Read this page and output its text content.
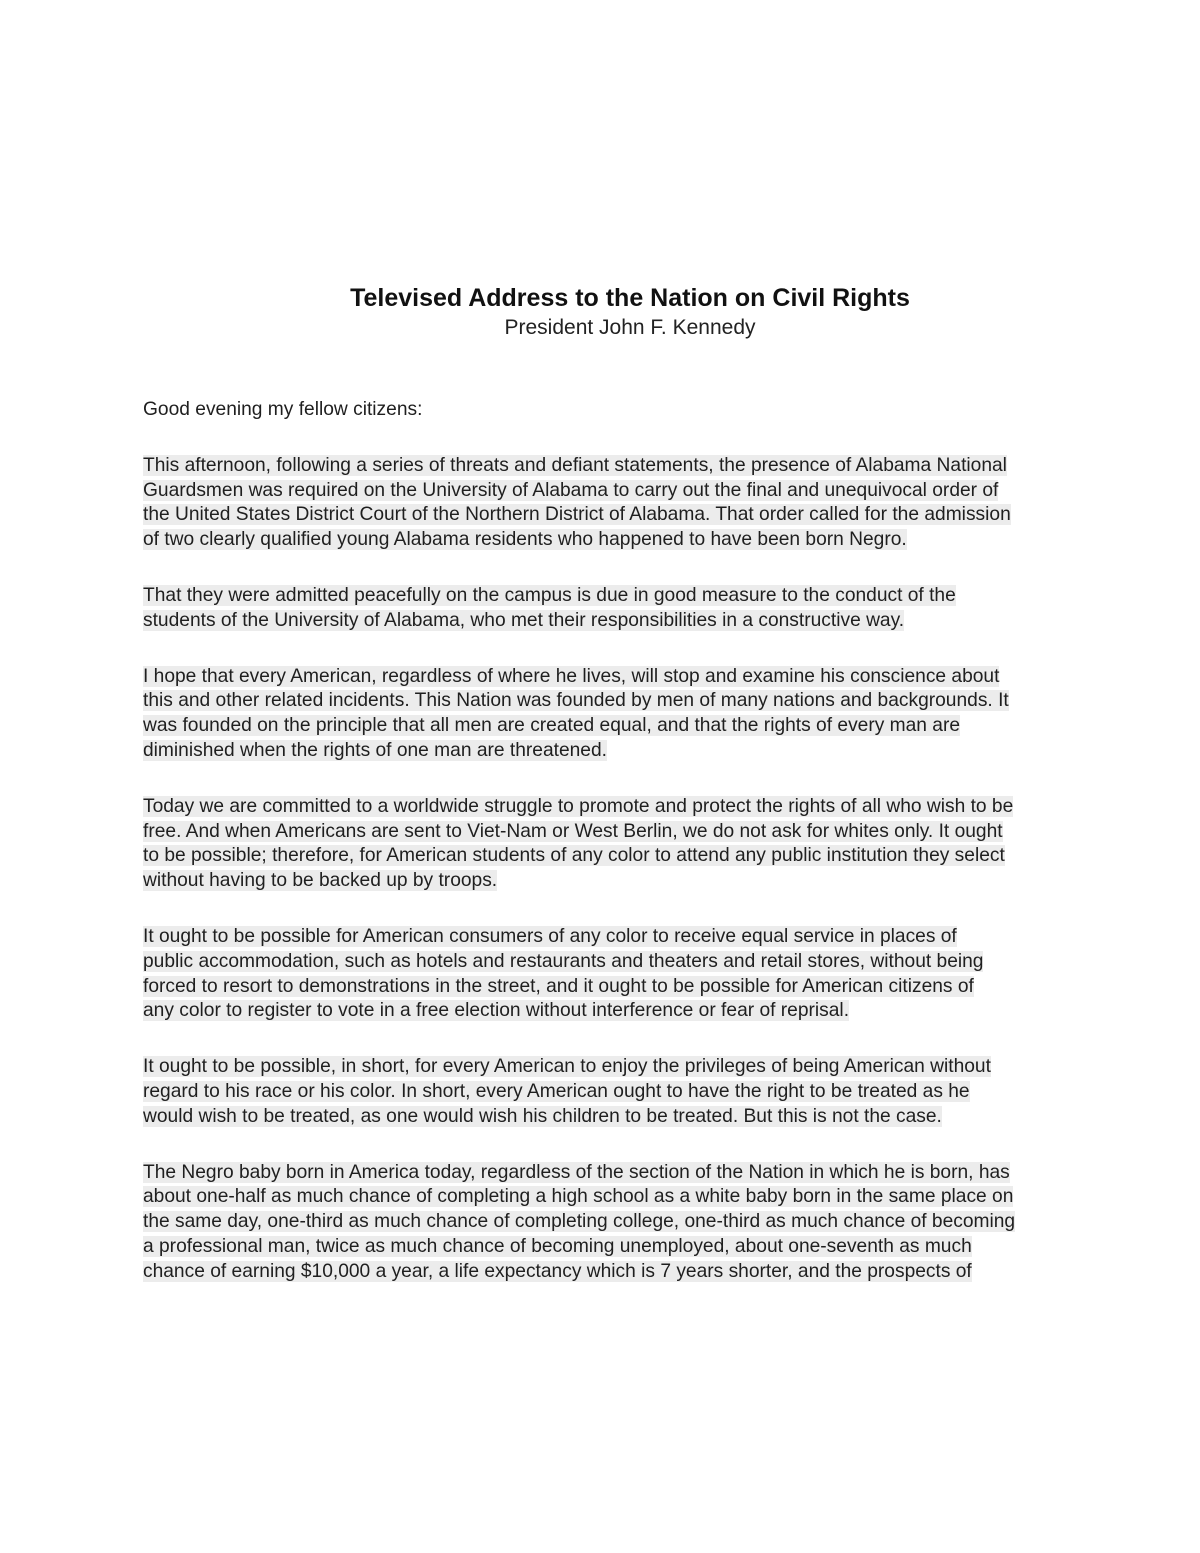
Televised Address to the Nation on Civil Rights

President John F. Kennedy

Good evening my fellow citizens:

This afternoon, following a series of threats and defiant statements, the presence of Alabama National
Guardsmen was required on the University of Alabama to carry out the final and unequivocal order of
the United States District Court of the Northern District of Alabama. That order called for the admission
of two clearly qualified young Alabama residents who happened to have been born Negro.

That they were admitted peacefully on the campus is due in good measure to the conduct of the
students of the University of Alabama, who met their responsibilities in a constructive way.

I hope that every American, regardless of where he lives, will stop and examine his conscience about
this and other related incidents. This Nation was founded by men of many nations and backgrounds. It
was founded on the principle that all men are created equal, and that the rights of every man are
diminished when the rights of one man are threatened.

Today we are committed to a worldwide struggle to promote and protect the rights of all who wish to be
free. And when Americans are sent to Viet-Nam or West Berlin, we do not ask for whites only. It ought
to be possible; therefore, for American students of any color to attend any public institution they select
without having to be backed up by troops.

It ought to be possible for American consumers of any color to receive equal service in places of
public accommodation, such as hotels and restaurants and theaters and retail stores, without being
forced to resort to demonstrations in the street, and it ought to be possible for American citizens of
any color to register to vote in a free election without interference or fear of reprisal.

It ought to be possible, in short, for every American to enjoy the privileges of being American without
regard to his race or his color. In short, every American ought to have the right to be treated as he
would wish to be treated, as one would wish his children to be treated. But this is not the case.

The Negro baby born in America today, regardless of the section of the Nation in which he is born, has
about one-half as much chance of completing a high school as a white baby born in the same place on
the same day, one-third as much chance of completing college, one-third as much chance of becoming
a professional man, twice as much chance of becoming unemployed, about one-seventh as much
chance of earning $10,000 a year, a life expectancy which is 7 years shorter, and the prospects of
